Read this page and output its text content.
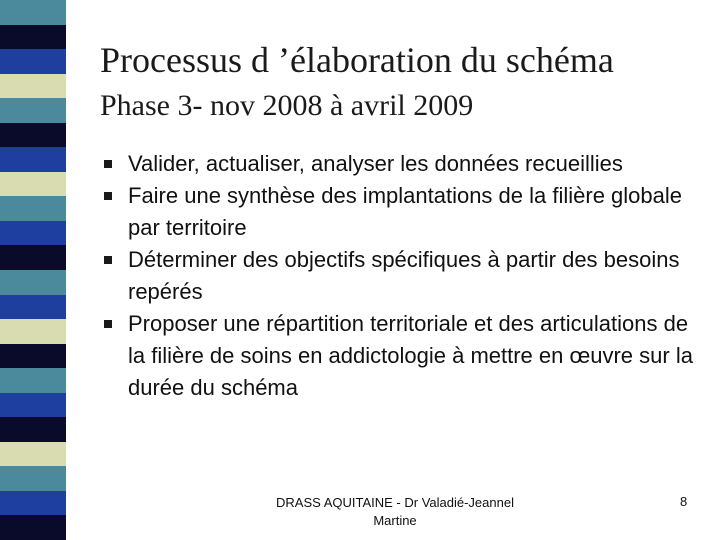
Processus d ’élaboration du schéma
Phase 3- nov 2008 à avril 2009
Valider, actualiser, analyser les données recueillies
Faire une synthèse des implantations de la filière globale par territoire
Déterminer des objectifs spécifiques à partir des besoins repérés
Proposer une répartition territoriale et des articulations de la filière de soins en addictologie à mettre en œuvre sur la durée du schéma
DRASS AQUITAINE - Dr Valadié-Jeannel Martine
8
